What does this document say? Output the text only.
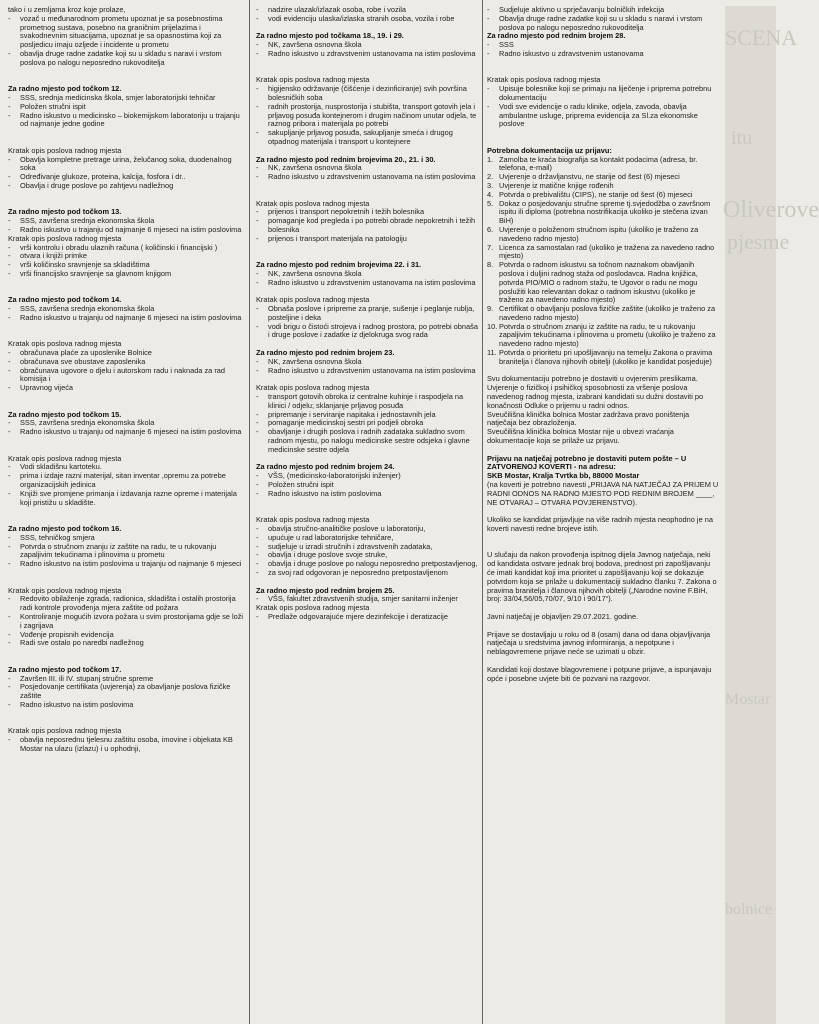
tako i u zemljama kroz koje prolaze,

- vozač u međunarodnom prometu upoznat je sa posebnostima prometnog sustava, posebno na graničnim prijelazima i svakodnevnim situacijama, upoznat je sa opasnostima koji za posljedicu imaju ozljede i incidente u prometu

- obavlja druge radne zadatke koji su u skladu s naravi i vrstom poslova po nalogu neposredno rukovoditelja

Za radno mjesto pod točkom 12.

- SSS, srednja medicinska škola, smjer laboratorijski tehničar

- Položen stručni ispit

- Radno iskustvo u medicinsko – biokemijskom laboratoriju u trajanju od najmanje jedne godine

Kratak opis poslova radnog mjesta

- Obavlja kompletne pretrage urina, želučanog soka, duodenalnog soka

- Određivanje glukoze, proteina, kalcija, fosfora i dr..

- Obavlja i druge poslove po zahtjevu nadležnog

Za radno mjesto pod točkom 13.

- SSS, završena srednja ekonomska škola

- Radno iskustvo u trajanju od najmanje 6 mjeseci na istim poslovima

Kratak opis poslova radnog mjesta

- vrši kontrolu i obradu ulaznih računa ( količinski i financijski )

- otvara i knjiži primke

- vrši količinsko sravnjenje sa skladištima

- vrši financijsko sravnjenje sa glavnom knjigom

Za radno mjesto pod točkom 14.

- SSS, završena srednja ekonomska škola

- Radno iskustvo u trajanju od najmanje 6 mjeseci na istim poslovima

Kratak opis poslova radnog mjesta

- obračunava plaće za uposlenike Bolnice

- obračunava sve obustave zaposlenika

- obračunava ugovore o djelu i autorskom radu i naknada za rad komisija i

- Upravnog vijeća

Za radno mjesto pod točkom 15.

- SSS, završena srednja ekonomska škola

- Radno iskustvo u trajanju od najmanje 6 mjeseci na istim poslovima

Kratak opis poslova radnog mjesta

- Vodi skladišnu kartoteku.

- prima i izdaje razni materijal, sitan inventar ,opremu za potrebe organizacijskih jedinica

- Knjiži sve promjene primanja i izdavanja razne opreme i materijala koji pristižu u skladište.

Za radno mjesto pod točkom 16.

- SSS, tehničkog smjera

- Potvrda o stručnom znanju iz zaštite na radu, te u rukovanju zapaljivim tekućinama i plinovima u prometu

- Radno iskustvo na istim poslovima u trajanju od najmanje 6 mjeseci

Kratak opis poslova radnog mjesta

- Redovito obilaženje zgrada, radionica, skladišta i ostalih prostorija radi kontrole provođenja mjera zaštite od požara

- Kontroliranje mogućih izvora požara u svim prostorijama gdje se loži i zagrijava

- Vođenje propisnih evidencija

- Radi sve ostalo po naredbi nadležnog

Za radno mjesto pod točkom 17.

- Završen III. ili IV. stupanj stručne spreme

- Posjedovanje certifikata (uvjerenja) za obavljanje poslova fizičke zaštite

- Radno iskustvo na istim poslovima

Kratak opis poslova radnog mjesta

- obavlja neposrednu tjelesnu zaštitu osoba, imovine i objekata KB Mostar na ulazu (izlazu) i u ophodnji,

- nadzire ulazak/izlazak osoba, robe i vozila

- vodi evidenciju ulaska/izlaska stranih osoba, vozila i robe

Za radno mjesto pod točkama 18., 19. i 29.

- NK, završena osnovna škola

- Radno iskustvo u zdravstvenim ustanovama na istim poslovima

Kratak opis poslova radnog mjesta

- higijensko održavanje (čišćenje i dezinficiranje) svih površina bolesničkih soba

- radnih prostorija, nusprostorija i stubišta, transport gotovih jela i prljavog posuđa kontejnerom i drugim načinom unutar odjela, te raznog pribora i materijala po potrebi

- sakupljanje prljavog posuđa, sakupljanje smeća i drugog otpadnog materijala i transport u kontejnere

Za radno mjesto pod rednim brojevima 20., 21. i 30.

- NK, završena osnovna škola

- Radno iskustvo u zdravstvenim ustanovama na istim poslovima

Kratak opis poslova radnog mjesta

- prijenos i transport nepokretnih i težih bolesnika

- pomaganje kod pregleda i po potrebi obrade nepokretnih i težih bolesnika

- prijenos i transport materijala na patologiju

Za radno mjesto pod rednim brojevima 22. i 31.

- NK, završena osnovna škola

- Radno iskustvo u zdravstvenim ustanovama na istim poslovima

Kratak opis poslova radnog mjesta

- Obnaša poslove i pripreme za pranje, sušenje i peglanje rublja, posteljine i deka

- vodi brigu o čistoći strojeva i radnog prostora, po potrebi obnaša i druge poslove i zadatke iz djelokruga svog rada

Za radno mjesto pod rednim brojem 23.

- NK, završena osnovna škola

- Radno iskustvo u zdravstvenim ustanovama na istim poslovima

Kratak opis poslova radnog mjesta

- transport gotovih obroka iz centralne kuhinje i raspodjela na klinici / odjelu; sklanjanje prljavog posuđa

- pripremanje i serviranje napitaka i jednostavnih jela

- pomaganje medicinskoj sestri pri podjeli obroka

- obavljanje i drugih poslova i radnih zadataka sukladno svom radnom mjestu, po nalogu medicinske sestre odsjeka i glavne medicinske sestre odjela

Za radno mjesto pod rednim brojem 24.

- VŠS, (medicinsko-laboratorijski inženjer)

- Položen stručni ispit

- Radno iskustvo na istim poslovima

Kratak opis poslova radnog mjesta

- obavlja stručno-analitičke poslove u laboratoriju,

- upućuje u rad laboratorijske tehničare,

- sudjeluje u izradi stručnih i zdravstvenih zadataka,

- obavlja i druge poslove svoje struke,

- obavlja i druge poslove po nalogu neposredno pretpostavljenog,

- za svoj rad odgovoran je neposredno pretpostavljenom

Za radno mjesto pod rednim brojem 25.

- VŠS, fakultet zdravstvenih studija, smjer sanitarni inženjer

Kratak opis poslova radnog mjesta

- Predlaže odgovarajuće mjere dezinfekcije i deratizacije

- Sudjeluje aktivno u sprječavanju bolničkih infekcija

- Obavlja druge radne zadatke koji su u skladu s naravi i vrstom poslova po nalogu neposredno rukovoditelja

Za radno mjesto pod rednim brojem 28.

- SSS

- Radno iskustvo u zdravstvenim ustanovama

Kratak opis poslova radnog mjesta

- Upisuje bolesnike koji se primaju na liječenje i priprema potrebnu dokumentaciju

- Vodi sve evidencije o radu klinike, odjela, zavoda, obavlja ambulantne usluge, priprema evidencija za Sl.za ekonomske poslove

Potrebna dokumentacija uz prijavu:

1. Zamolba te kraća biografija sa kontakt podacima (adresa, br. telefona, e-mail)

2. Uvjerenje o državljanstvu, ne starije od šest (6) mjeseci

3. Uvjerenje iz matične knjige rođenih

4. Potvrda o prebivalištu (CIPS), ne starije od šest (6) mjeseci

5. Dokaz o posjedovanju stručne spreme tj.svjedodžba o završnom ispitu ili diploma (potrebna nostrifikacija ukoliko je stečena izvan BiH)

6. Uvjerenje o položenom stručnom ispitu (ukoliko je traženo za navedeno radno mjesto)

7. Licenca za samostalan rad (ukoliko je tražena za navedeno radno mjesto)

8. Potvrda o radnom iskustvu sa točnom naznakom obavljanih poslova i duljini radnog staža od poslodavca. Radna knjižica, potvrda PIO/MIO o radnom stažu, te Ugovor o radu ne mogu poslužiti kao relevantan dokaz o radnom iskustvu (ukoliko je traženo za navedeno radno mjesto)

9. Certifikat o obavljanju poslova fizičke zaštite (ukoliko je traženo za navedeno radno mjesto)

10. Potvrda o stručnom znanju iz zaštite na radu, te u rukovanju zapaljivim tekućinama i plinovima u prometu (ukoliko je traženo za navedeno radno mjesto)

11. Potvrda o prioritetu pri upošljavanju na temelju Zakona o pravima branitelja i članova njihovih obitelji (ukoliko je kandidat posjeduje)

Svu dokumentaciju potrebno je dostaviti u ovjerenim preslikama.

Uvjerenje o fizičkoj i psihičkoj sposobnosti za vršenje poslova navedenog radnog mjesta, izabrani kandidati su dužni dostaviti po konačnosti Odluke o prijemu u radni odnos.

Sveučilišna klinička bolnica Mostar zadržava pravo poništenja natječaja bez obrazloženja.

Sveučilišna klinička bolnica Mostar nije u obvezi vraćanja dokumentacije koja se prilaže uz prijavu.

Prijavu na natječaj potrebno je dostaviti putem pošte – U ZATVORENOJ KOVERTI - na adresu:

SKB Mostar, Kralja Tvrtka bb, 88000 Mostar

(na koverti je potrebno navesti „PRIJAVA NA NATJEČAJ ZA PRIJEM U RADNI ODNOS NA RADNO MJESTO POD REDNIM BROJEM ____, NE OTVARAJ – OTVARA POVJERENSTVO).

Ukoliko se kandidat prijavljuje na više radnih mjesta neophodno je na koverti navesti redne brojeve istih.

U slučaju da nakon provođenja ispitnog dijela Javnog natječaja, neki od kandidata ostvare jednak broj bodova, prednost pri zapošljavanju će imati kandidat koji ima prioritet u zapošljavanju koji se dokazuje potvrdom koja se prilaže u dokumentaciji sukladno članku 7. Zakona o pravima branitelja i članova njihovih obitelji („Narodne novine F.BiH, broj: 33/04,56/05,70/07, 9/10 i 90/17“).

Javni natječaj je objavljen 29.07.2021. godine.

Prijave se dostavljaju u roku od 8 (osam) dana od dana objavljivanja natječaja u sredstvima javnog informiranja, a nepotpune i neblagovremene prijave neće se uzimati u obzir.

Kandidati koji dostave blagovremene i potpune prijave, a ispunjavaju opće i posebne uvjete biti će pozvani na razgovor.

SCENA
Oliverove
pjesme
itu
Mostar
bolnice
